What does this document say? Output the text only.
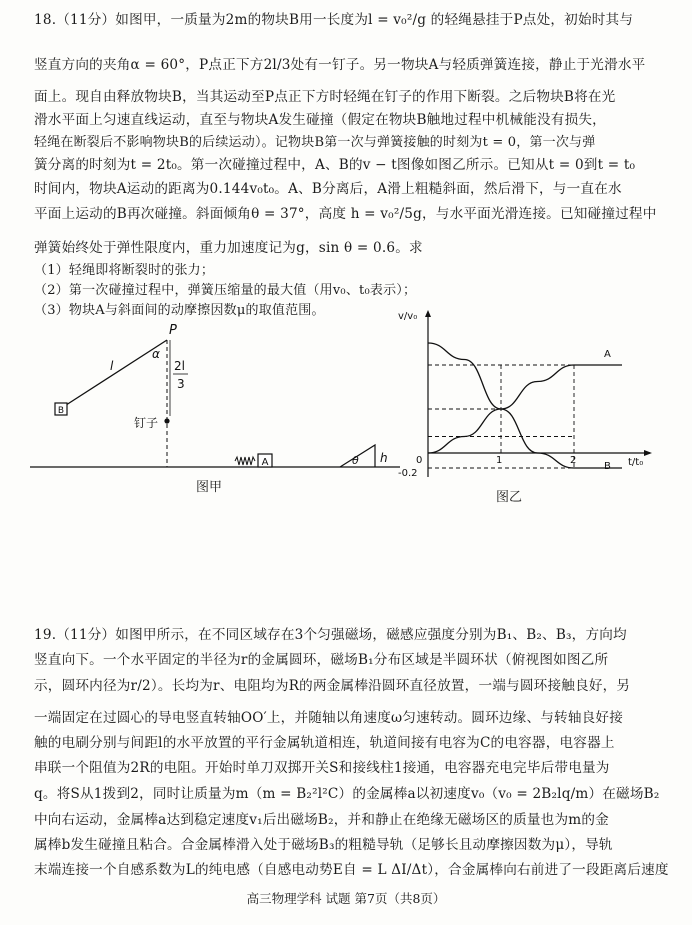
18.（11分）如图甲，一质量为2m的物块B用一长度为l = v₀²/g 的轻绳悬挂于P点处，初始时其与
竖直方向的夹角α = 60°，P点正下方2l/3处有一钉子。另一物块A与轻质弹簧连接，静止于光滑水平
面上。现自由释放物块B，当其运动至P点正下方时轻绳在钉子的作用下断裂。之后物块B将在光
滑水平面上匀速直线运动，直至与物块A发生碰撞（假定在物块B触地过程中机械能没有损失，
轻绳在断裂后不影响物块B的后续运动）。记物块B第一次与弹簧接触的时刻为t = 0，第一次与弹
簧分离的时刻为t = 2t₀。第一次碰撞过程中，A、B的v − t图像如图乙所示。已知从t = 0到t = t₀
时间内，物块A运动的距离为0.144v₀t₀。A、B分离后，A滑上粗糙斜面，然后滑下，与一直在水
平面上运动的B再次碰撞。斜面倾角θ = 37°，高度 h = v₀²/5g，与水平面光滑连接。已知碰撞过程中
弹簧始终处于弹性限度内，重力加速度记为g，sin θ = 0.6。求
（1）轻绳即将断裂时的张力；
（2）第一次碰撞过程中，弹簧压缩量的最大值（用v₀、t₀表示）；
（3）物块A与斜面间的动摩擦因数μ的取值范围。
B
P
α
l	2l
3
钉子
A	θ h
图甲
v/v₀
t/t₀
0	1	2
-0.2
A
B
图乙
19.（11分）如图甲所示，在不同区域存在3个匀强磁场，磁感应强度分别为B₁、B₂、B₃，方向均
竖直向下。一个水平固定的半径为r的金属圆环，磁场B₁分布区域是半圆环状（俯视图如图乙所
示，圆环内径为r/2）。长均为r、电阻均为R的两金属棒沿圆环直径放置，一端与圆环接触良好，另
一端固定在过圆心的导电竖直转轴OO′上，并随轴以角速度ω匀速转动。圆环边缘、与转轴良好接
触的电刷分别与间距l的水平放置的平行金属轨道相连，轨道间接有电容为C的电容器，电容器上
串联一个阻值为2R的电阻。开始时单刀双掷开关S和接线柱1接通，电容器充电完毕后带电量为
q。将S从1拨到2，同时让质量为m（m = B₂²l²C）的金属棒a以初速度v₀（v₀ = 2B₂lq/m）在磁场B₂
中向右运动，金属棒a达到稳定速度v₁后出磁场B₂，并和静止在绝缘无磁场区的质量也为m的金
属棒b发生碰撞且粘合。合金属棒滑入处于磁场B₃的粗糙导轨（足够长且动摩擦因数为μ），导轨
末端连接一个自感系数为L的纯电感（自感电动势E自 = L ΔI/Δt），合金属棒向右前进了一段距离后速度
高三物理学科 试题 第7页（共8页）
